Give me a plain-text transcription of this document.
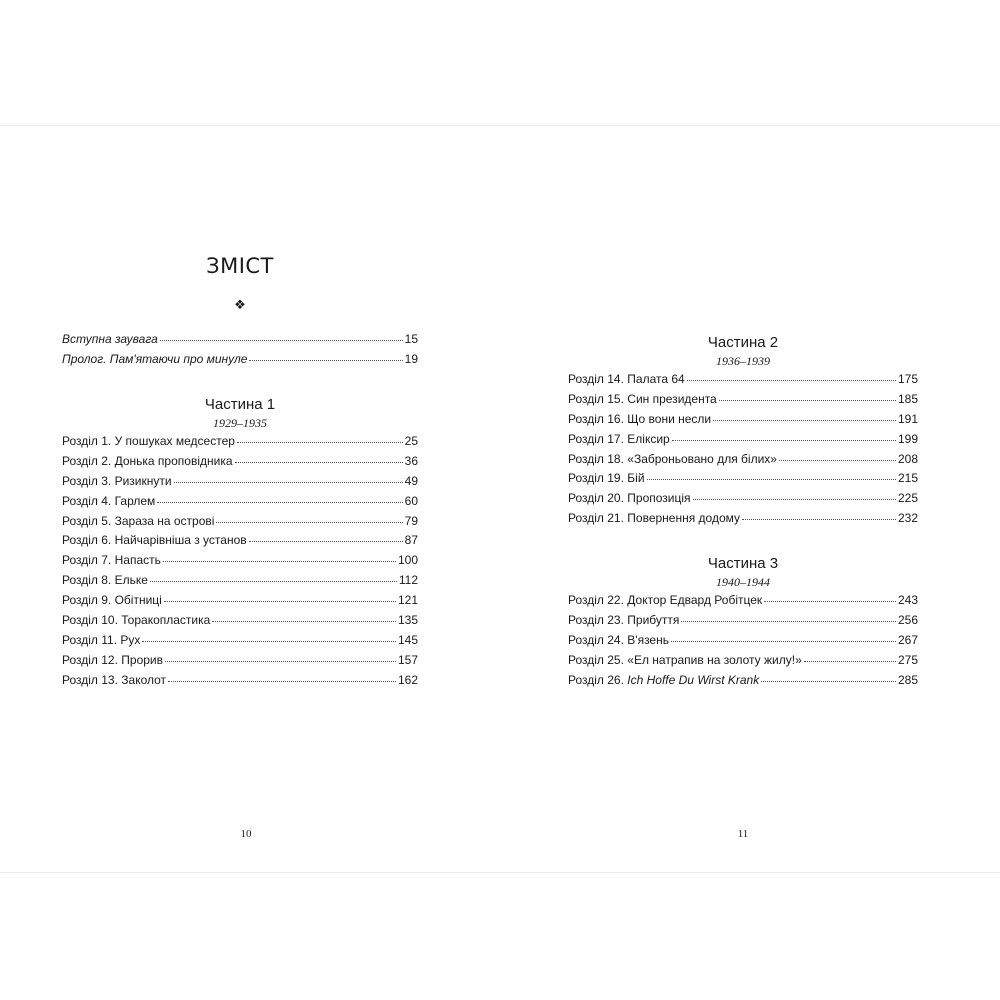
ЗМІСТ
❖
Вступна заувага	15
Пролог. Пам'ятаючи про минуле	19
Частина 1
1929–1935
Розділ 1. У пошуках медсестер	25
Розділ 2. Донька проповідника	36
Розділ 3. Ризикнути	49
Розділ 4. Гарлем	60
Розділ 5. Зараза на острові	79
Розділ 6. Найчарівніша з установ	87
Розділ 7. Напасть	100
Розділ 8. Ельке	112
Розділ 9. Обітниці	121
Розділ 10. Торакопластика	135
Розділ 11. Рух	145
Розділ 12. Прорив	157
Розділ 13. Заколот	162
10
Частина 2
1936–1939
Розділ 14. Палата 64	175
Розділ 15. Син президента	185
Розділ 16. Що вони несли	191
Розділ 17. Еліксир	199
Розділ 18. «Заброньовано для білих»	208
Розділ 19. Бій	215
Розділ 20. Пропозиція	225
Розділ 21. Повернення додому	232
Частина 3
1940–1944
Розділ 22. Доктор Едвард Робітцек	243
Розділ 23. Прибуття	256
Розділ 24. В'язень	267
Розділ 25. «Ел натрапив на золоту жилу!»	275
Розділ 26. Ich Hoffe Du Wirst Krank	285
11
